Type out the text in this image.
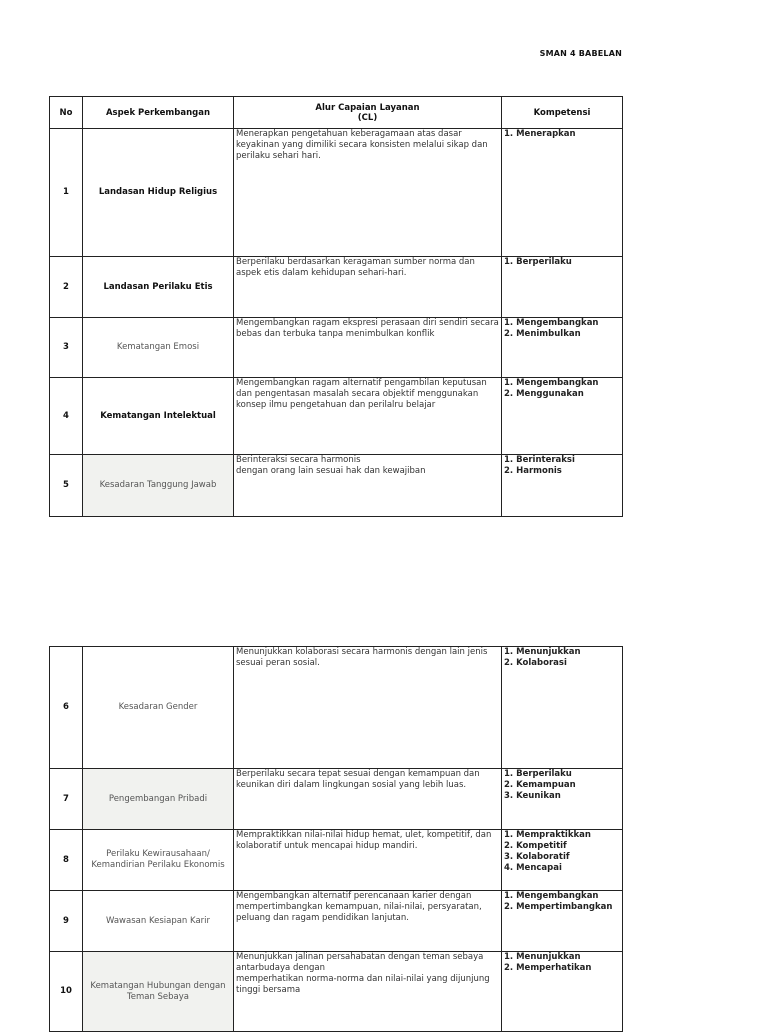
SMAN 4 BABELAN
No	Aspek Perkembangan	Alur Capaian Layanan
(CL)	Kompetensi
1	Landasan Hidup Religius	Menerapkan pengetahuan keberagamaan atas dasar keyakinan yang dimiliki secara konsisten melalui sikap dan perilaku sehari hari.	1. Menerapkan

2	Landasan Perilaku Etis	Berperilaku berdasarkan keragaman sumber norma dan aspek etis dalam kehidupan sehari-hari.	1. Berperilaku

3	Kematangan Emosi	Mengembangkan ragam ekspresi perasaan diri sendiri secara bebas dan terbuka tanpa menimbulkan konflik	1. Mengembangkan
2. Menimbulkan

4	Kematangan Intelektual	Mengembangkan ragam alternatif pengambilan keputusan dan pengentasan masalah secara objektif menggunakan konsep ilmu pengetahuan dan perilalru belajar	1. Mengembangkan
2. Menggunakan

5	Kesadaran Tanggung Jawab	Berinteraksi secara harmonis
dengan orang lain sesuai hak dan kewajiban	1. Berinteraksi
2. Harmonis
6	Kesadaran Gender	Menunjukkan kolaborasi secara harmonis dengan lain jenis sesuai peran sosial.	1. Menunjukkan
2. Kolaborasi

7	Pengembangan Pribadi	Berperilaku secara tepat sesuai dengan kemampuan dan keunikan diri dalam lingkungan sosial yang lebih luas.	1. Berperilaku
2. Kemampuan
3. Keunikan

8	Perilaku Kewirausahaan/ Kemandirian Perilaku Ekonomis	Mempraktikkan nilai-nilai hidup hemat, ulet, kompetitif, dan kolaboratif untuk mencapai hidup mandiri.	1. Mempraktikkan
2. Kompetitif
3. Kolaboratif
4. Mencapai

9	Wawasan Kesiapan Karir	Mengembangkan alternatif perencanaan karier dengan mempertimbangkan kemampuan, nilai-nilai, persyaratan, peluang dan ragam pendidikan lanjutan.	1. Mengembangkan
2. Mempertimbangkan

10	Kematangan Hubungan dengan Teman Sebaya	Menunjukkan jalinan persahabatan dengan teman sebaya antarbudaya dengan
memperhatikan norma-norma dan nilai-nilai yang dijunjung tinggi bersama	1. Menunjukkan
2. Memperhatikan
